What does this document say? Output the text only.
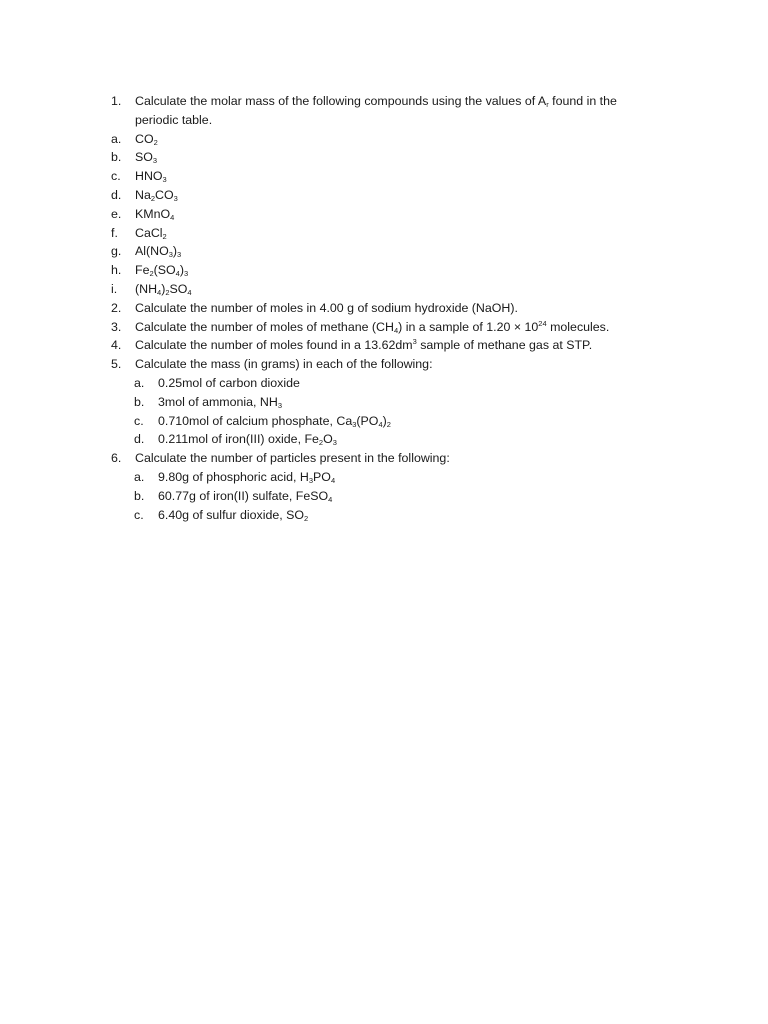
1.	Calculate the molar mass of the following compounds using the values of $A_r$ found in the periodic table.
a.	$CO_2$
b.	$SO_3$
c.	$HNO_3$
d.	$Na_2CO_3$
e.	KMnO$_4$
f.	CaCl$_2$
g.	$Al(NO_3)_3$
h.	$Fe_2(SO_4)_3$
i.	$(NH_4)_2SO_4$
2.	Calculate the number of moles in 4.00 g of sodium hydroxide (NaOH).
3.	Calculate the number of moles of methane $(CH_4)$ in a sample of $1.20 \times 10^{24}$ molecules.
4.	Calculate the number of moles found in a $13.62dm^3$ sample of methane gas at STP.
5.	Calculate the mass (in grams) in each of the following:
a.	0.25mol of carbon dioxide
b.	3mol of ammonia, $NH_3$
c.	0.710mol of calcium phosphate, $Ca_3(PO_4)_2$
d.	0.211mol of iron(III) oxide, $Fe_2O_3$
6.	Calculate the number of particles present in the following:
a.	9.80g of phosphoric acid, $H_3PO_4$
b.	60.77g of iron(II) sulfate, FeSO$_4$
c.	6.40g of sulfur dioxide, $SO_2$
